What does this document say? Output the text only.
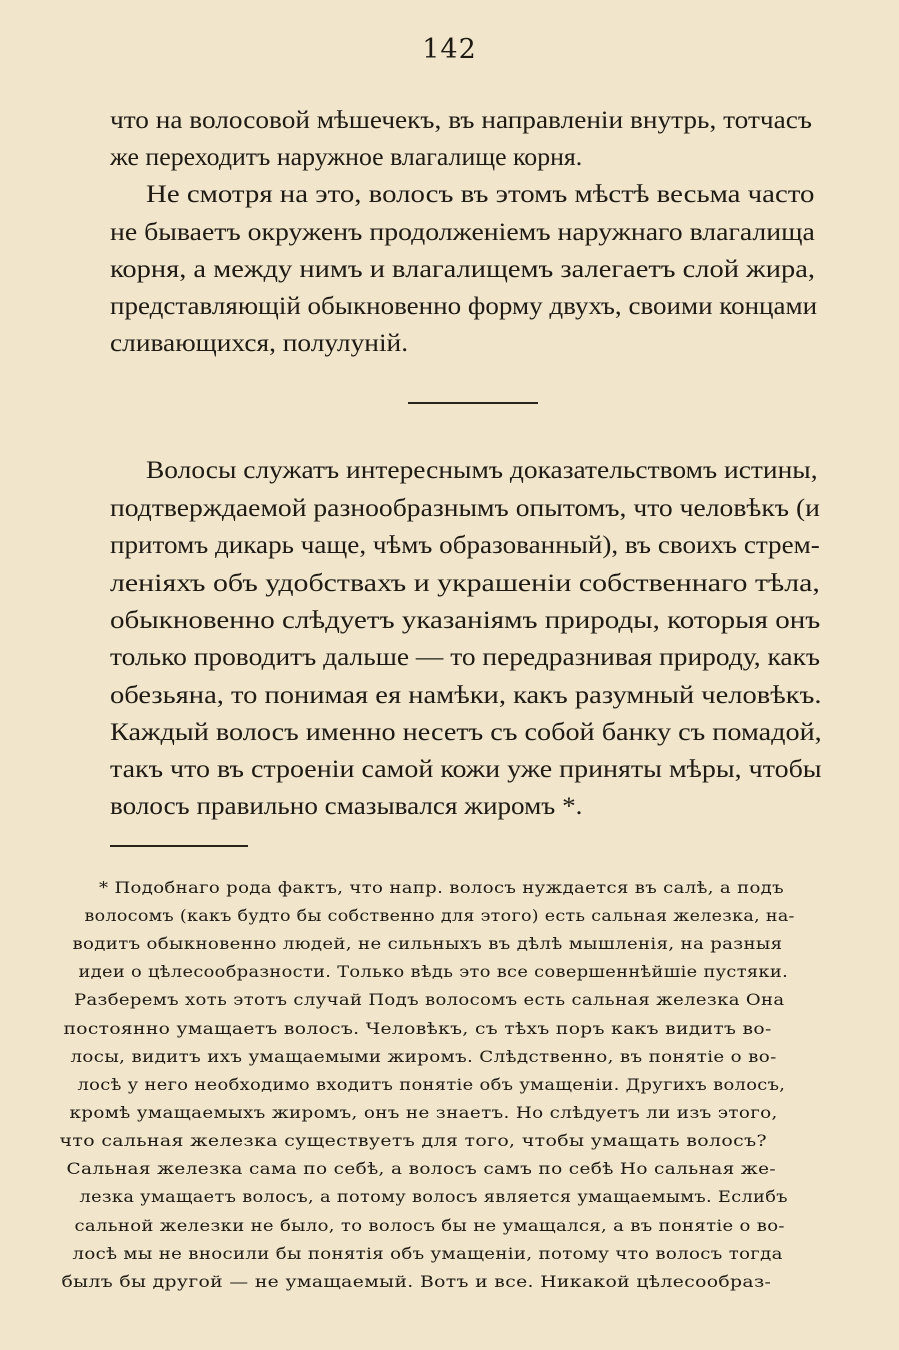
142
что на волосовой мѣшечекъ, въ направленіи внутрь, тотчасъ
же переходитъ наружное влагалище корня.
Не смотря на это, волосъ въ этомъ мѣстѣ весьма часто
не бываетъ окруженъ продолженіемъ наружнаго влагалища
корня, а между нимъ и влагалищемъ залегаетъ слой жира,
представляющій обыкновенно форму двухъ, своими концами
сливающихся, полулуній.
Волосы служатъ интереснымъ доказательствомъ истины,
подтверждаемой разнообразнымъ опытомъ, что человѣкъ (и
притомъ дикарь чаще, чѣмъ образованный), въ своихъ стрем-
леніяхъ объ удобствахъ и украшеніи собственнаго тѣла,
обыкновенно слѣдуетъ указаніямъ природы, которыя онъ
только проводитъ дальше — то передразнивая природу, какъ
обезьяна, то понимая ея намѣки, какъ разумный человѣкъ.
Каждый волосъ именно несетъ съ собой банку съ помадой,
такъ что въ строеніи самой кожи уже приняты мѣры, чтобы
волосъ правильно смазывался жиромъ *.
* Подобнаго рода фактъ, что напр. волосъ нуждается въ салѣ, а подъ
волосомъ (какъ будто бы собственно для этого) есть сальная железка, на-
водитъ обыкновенно людей, не сильныхъ въ дѣлѣ мышленія, на разныя
идеи о цѣлесообразности. Только вѣдь это все совершеннѣйшіе пустяки.
Разберемъ хоть этотъ случай Подъ волосомъ есть сальная железка Она
постоянно умащаетъ волосъ. Человѣкъ, съ тѣхъ поръ какъ видитъ во-
лосы, видитъ ихъ умащаемыми жиромъ. Слѣдственно, въ понятіе о во-
лосѣ у него необходимо входитъ понятіе объ умащеніи. Другихъ волосъ,
кромѣ умащаемыхъ жиромъ, онъ не знаетъ. Но слѣдуетъ ли изъ этого,
что сальная железка существуетъ для того, чтобы умащать волосъ?
Сальная железка сама по себѣ, а волосъ самъ по себѣ Но сальная же-
лезка умащаетъ волосъ, а потому волосъ является умащаемымъ. Еслибъ
сальной железки не было, то волосъ бы не умащался, а въ понятіе о во-
лосѣ мы не вносили бы понятія объ умащеніи, потому что волосъ тогда
былъ бы другой — не умащаемый. Вотъ и все. Никакой цѣлесообраз-
